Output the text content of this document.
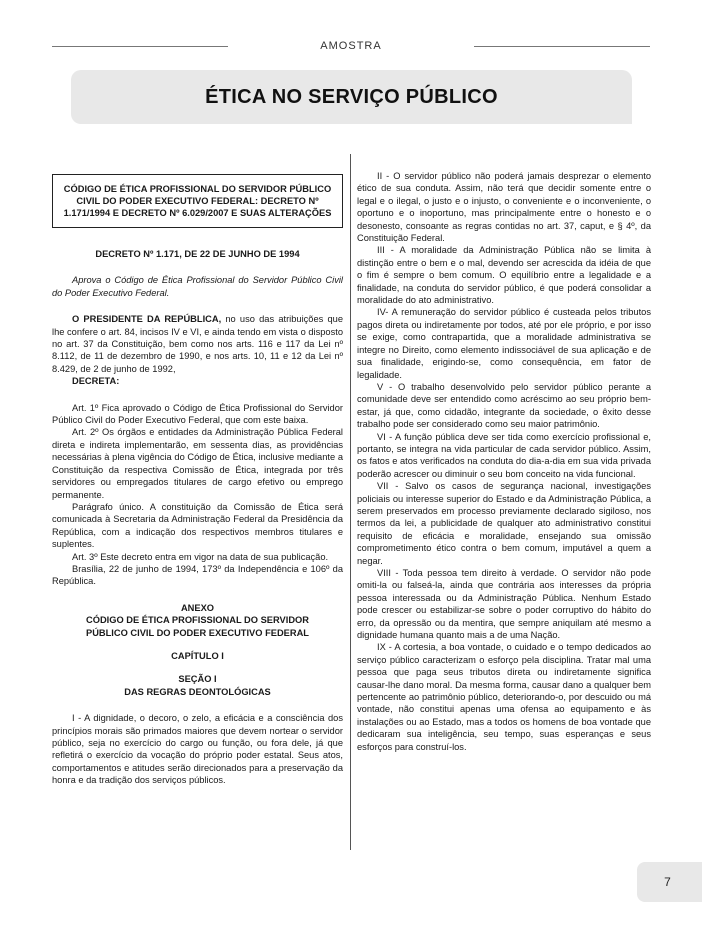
AMOSTRA
ÉTICA NO SERVIÇO PÚBLICO
CÓDIGO DE ÉTICA PROFISSIONAL DO SERVIDOR PÚBLICO CIVIL DO PODER EXECUTIVO FEDERAL: DECRETO Nº 1.171/1994 E DECRETO Nº 6.029/2007 E SUAS ALTERAÇÕES

DECRETO Nº 1.171, DE 22 DE JUNHO DE 1994

Aprova o Código de Ética Profissional do Servidor Público Civil do Poder Executivo Federal.

O PRESIDENTE DA REPÚBLICA, no uso das atribuições que lhe confere o art. 84, incisos IV e VI, e ainda tendo em vista o disposto no art. 37 da Constituição, bem como nos arts. 116 e 117 da Lei nº 8.112, de 11 de dezembro de 1990, e nos arts. 10, 11 e 12 da Lei nº 8.429, de 2 de junho de 1992,

DECRETA:

Art. 1º Fica aprovado o Código de Ética Profissional do Servidor Público Civil do Poder Executivo Federal, que com este baixa.

Art. 2º Os órgãos e entidades da Administração Pública Federal direta e indireta implementarão, em sessenta dias, as providências necessárias à plena vigência do Código de Ética, inclusive mediante a Constituição da respectiva Comissão de Ética, integrada por três servidores ou empregados titulares de cargo efetivo ou emprego permanente.

Parágrafo único. A constituição da Comissão de Ética será comunicada à Secretaria da Administração Federal da Presidência da República, com a indicação dos respectivos membros titulares e suplentes.

Art. 3º Este decreto entra em vigor na data de sua publicação.

Brasília, 22 de junho de 1994, 173º da Independência e 106º da República.

ANEXO

CÓDIGO DE ÉTICA PROFISSIONAL DO SERVIDOR PÚBLICO CIVIL DO PODER EXECUTIVO FEDERAL

CAPÍTULO I

SEÇÃO I

DAS REGRAS DEONTOLÓGICAS

I - A dignidade, o decoro, o zelo, a eficácia e a consciência dos princípios morais são primados maiores que devem nortear o servidor público, seja no exercício do cargo ou função, ou fora dele, já que refletirá o exercício da vocação do próprio poder estatal. Seus atos, comportamentos e atitudes serão direcionados para a preservação da honra e da tradição dos serviços públicos.

II - O servidor público não poderá jamais desprezar o elemento ético de sua conduta. Assim, não terá que decidir somente entre o legal e o ilegal, o justo e o injusto, o conveniente e o inconveniente, o oportuno e o inoportuno, mas principalmente entre o honesto e o desonesto, consoante as regras contidas no art. 37, caput, e § 4º, da Constituição Federal.

III - A moralidade da Administração Pública não se limita à distinção entre o bem e o mal, devendo ser acrescida da idéia de que o fim é sempre o bem comum. O equilíbrio entre a legalidade e a finalidade, na conduta do servidor público, é que poderá consolidar a moralidade do ato administrativo.

IV- A remuneração do servidor público é custeada pelos tributos pagos direta ou indiretamente por todos, até por ele próprio, e por isso se exige, como contrapartida, que a moralidade administrativa se integre no Direito, como elemento indissociável de sua aplicação e de sua finalidade, erigindo-se, como consequência, em fator de legalidade.

V - O trabalho desenvolvido pelo servidor público perante a comunidade deve ser entendido como acréscimo ao seu próprio bem-estar, já que, como cidadão, integrante da sociedade, o êxito desse trabalho pode ser considerado como seu maior patrimônio.

VI - A função pública deve ser tida como exercício profissional e, portanto, se integra na vida particular de cada servidor público. Assim, os fatos e atos verificados na conduta do dia-a-dia em sua vida privada poderão acrescer ou diminuir o seu bom conceito na vida funcional.

VII - Salvo os casos de segurança nacional, investigações policiais ou interesse superior do Estado e da Administração Pública, a serem preservados em processo previamente declarado sigiloso, nos termos da lei, a publicidade de qualquer ato administrativo constitui requisito de eficácia e moralidade, ensejando sua omissão comprometimento ético contra o bem comum, imputável a quem a negar.

VIII - Toda pessoa tem direito à verdade. O servidor não pode omiti-la ou falseá-la, ainda que contrária aos interesses da própria pessoa interessada ou da Administração Pública. Nenhum Estado pode crescer ou estabilizar-se sobre o poder corruptivo do hábito do erro, da opressão ou da mentira, que sempre aniquilam até mesmo a dignidade humana quanto mais a de uma Nação.

IX - A cortesia, a boa vontade, o cuidado e o tempo dedicados ao serviço público caracterizam o esforço pela disciplina. Tratar mal uma pessoa que paga seus tributos direta ou indiretamente significa causar-lhe dano moral. Da mesma forma, causar dano a qualquer bem pertencente ao patrimônio público, deteriorando-o, por descuido ou má vontade, não constitui apenas uma ofensa ao equipamento e às instalações ou ao Estado, mas a todos os homens de boa vontade que dedicaram sua inteligência, seu tempo, suas esperanças e seus esforços para construí-los.

7
